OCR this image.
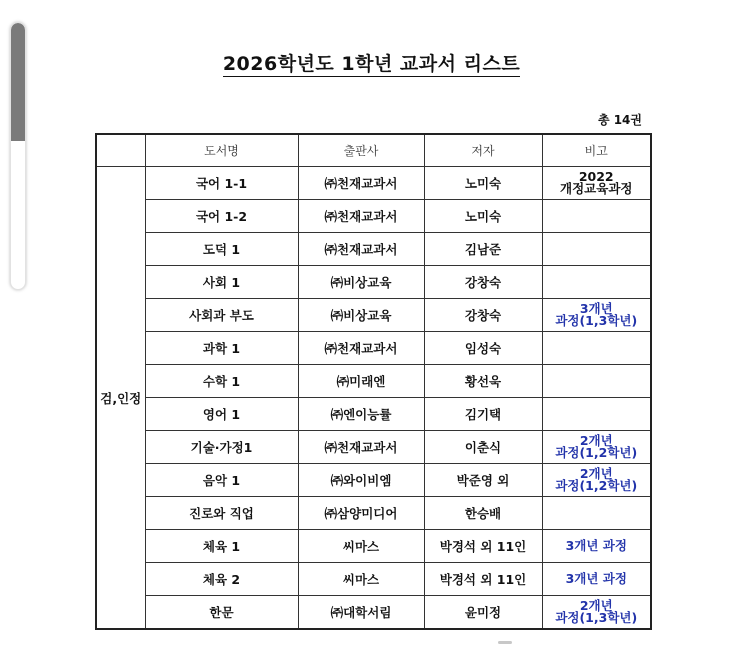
2026학년도 1학년 교과서 리스트
총 14권
	도서명	출판사	저자	비고
검,인정	국어 1-1	㈜천재교과서	노미숙	2022
개정교육과정
	국어 1-2	㈜천재교과서	노미숙	
	도덕 1	㈜천재교과서	김남준	
	사회 1	㈜비상교육	강창숙	
	사회과 부도	㈜비상교육	강창숙	3개년
과정(1,3학년)
	과학 1	㈜천재교과서	임성숙	
	수학 1	㈜미래엔	황선욱	
	영어 1	㈜엔이능률	김기택	
	기술·가정1	㈜천재교과서	이춘식	2개년
과정(1,2학년)
	음악 1	㈜와이비엠	박준영 외	2개년
과정(1,2학년)
	진로와 직업	㈜삼양미디어	한승배	
	체육 1	씨마스	박경석 외 11인	3개년 과정
	체육 2	씨마스	박경석 외 11인	3개년 과정
	한문	㈜대학서림	윤미정	2개년
과정(1,3학년)
